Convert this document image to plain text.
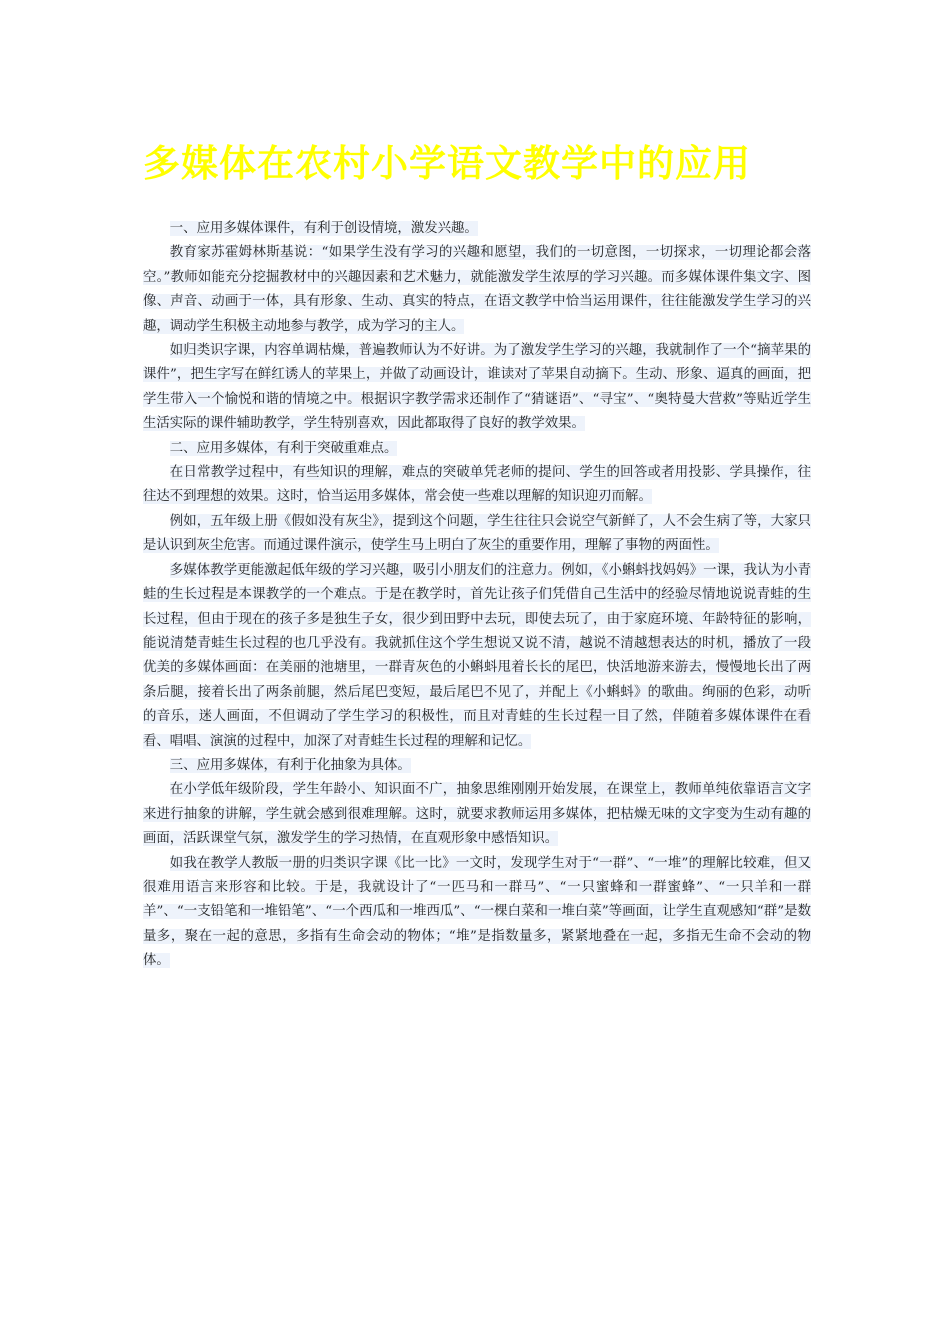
多媒体在农村小学语文教学中的应用

一、应用多媒体课件，有利于创设情境，激发兴趣。

教育家苏霍姆林斯基说：“如果学生没有学习的兴趣和愿望，我们的一切意图，一切探求，一切理论都会落空。”教师如能充分挖掘教材中的兴趣因素和艺术魅力，就能激发学生浓厚的学习兴趣。而多媒体课件集文字、图像、声音、动画于一体，具有形象、生动、真实的特点，在语文教学中恰当运用课件，往往能激发学生学习的兴趣，调动学生积极主动地参与教学，成为学习的主人。

如归类识字课，内容单调枯燥，普遍教师认为不好讲。为了激发学生学习的兴趣，我就制作了一个“摘苹果的课件”，把生字写在鲜红诱人的苹果上，并做了动画设计，谁读对了苹果自动摘下。生动、形象、逼真的画面，把学生带入一个愉悦和谐的情境之中。根据识字教学需求还制作了“猜谜语”、“寻宝”、“奥特曼大营救”等贴近学生生活实际的课件辅助教学，学生特别喜欢，因此都取得了良好的教学效果。

二、应用多媒体，有利于突破重难点。

在日常教学过程中，有些知识的理解，难点的突破单凭老师的提问、学生的回答或者用投影、学具操作，往往达不到理想的效果。这时，恰当运用多媒体，常会使一些难以理解的知识迎刃而解。

例如，五年级上册《假如没有灰尘》，提到这个问题，学生往往只会说空气新鲜了，人不会生病了等，大家只是认识到灰尘危害。而通过课件演示，使学生马上明白了灰尘的重要作用，理解了事物的两面性。

多媒体教学更能激起低年级的学习兴趣，吸引小朋友们的注意力。例如，《小蝌蚪找妈妈》一课，我认为小青蛙的生长过程是本课教学的一个难点。于是在教学时，首先让孩子们凭借自己生活中的经验尽情地说说青蛙的生长过程，但由于现在的孩子多是独生子女，很少到田野中去玩，即使去玩了，由于家庭环境、年龄特征的影响，能说清楚青蛙生长过程的也几乎没有。我就抓住这个学生想说又说不清，越说不清越想表达的时机，播放了一段优美的多媒体画面：在美丽的池塘里，一群青灰色的小蝌蚪甩着长长的尾巴，快活地游来游去，慢慢地长出了两条后腿，接着长出了两条前腿，然后尾巴变短，最后尾巴不见了，并配上《小蝌蚪》的歌曲。绚丽的色彩，动听的音乐，迷人画面，不但调动了学生学习的积极性，而且对青蛙的生长过程一目了然，伴随着多媒体课件在看看、唱唱、演演的过程中，加深了对青蛙生长过程的理解和记忆。

三、应用多媒体，有利于化抽象为具体。

在小学低年级阶段，学生年龄小、知识面不广，抽象思维刚刚开始发展，在课堂上，教师单纯依靠语言文字来进行抽象的讲解，学生就会感到很难理解。这时，就要求教师运用多媒体，把枯燥无味的文字变为生动有趣的画面，活跃课堂气氛，激发学生的学习热情，在直观形象中感悟知识。

如我在教学人教版一册的归类识字课《比一比》一文时，发现学生对于“一群”、“一堆”的理解比较难，但又很难用语言来形容和比较。于是，我就设计了“一匹马和一群马”、“一只蜜蜂和一群蜜蜂”、“一只羊和一群羊”、“一支铅笔和一堆铅笔”、“一个西瓜和一堆西瓜”、“一棵白菜和一堆白菜”等画面，让学生直观感知“群”是数量多，聚在一起的意思，多指有生命会动的物体；“堆”是指数量多，紧紧地叠在一起，多指无生命不会动的物体。
